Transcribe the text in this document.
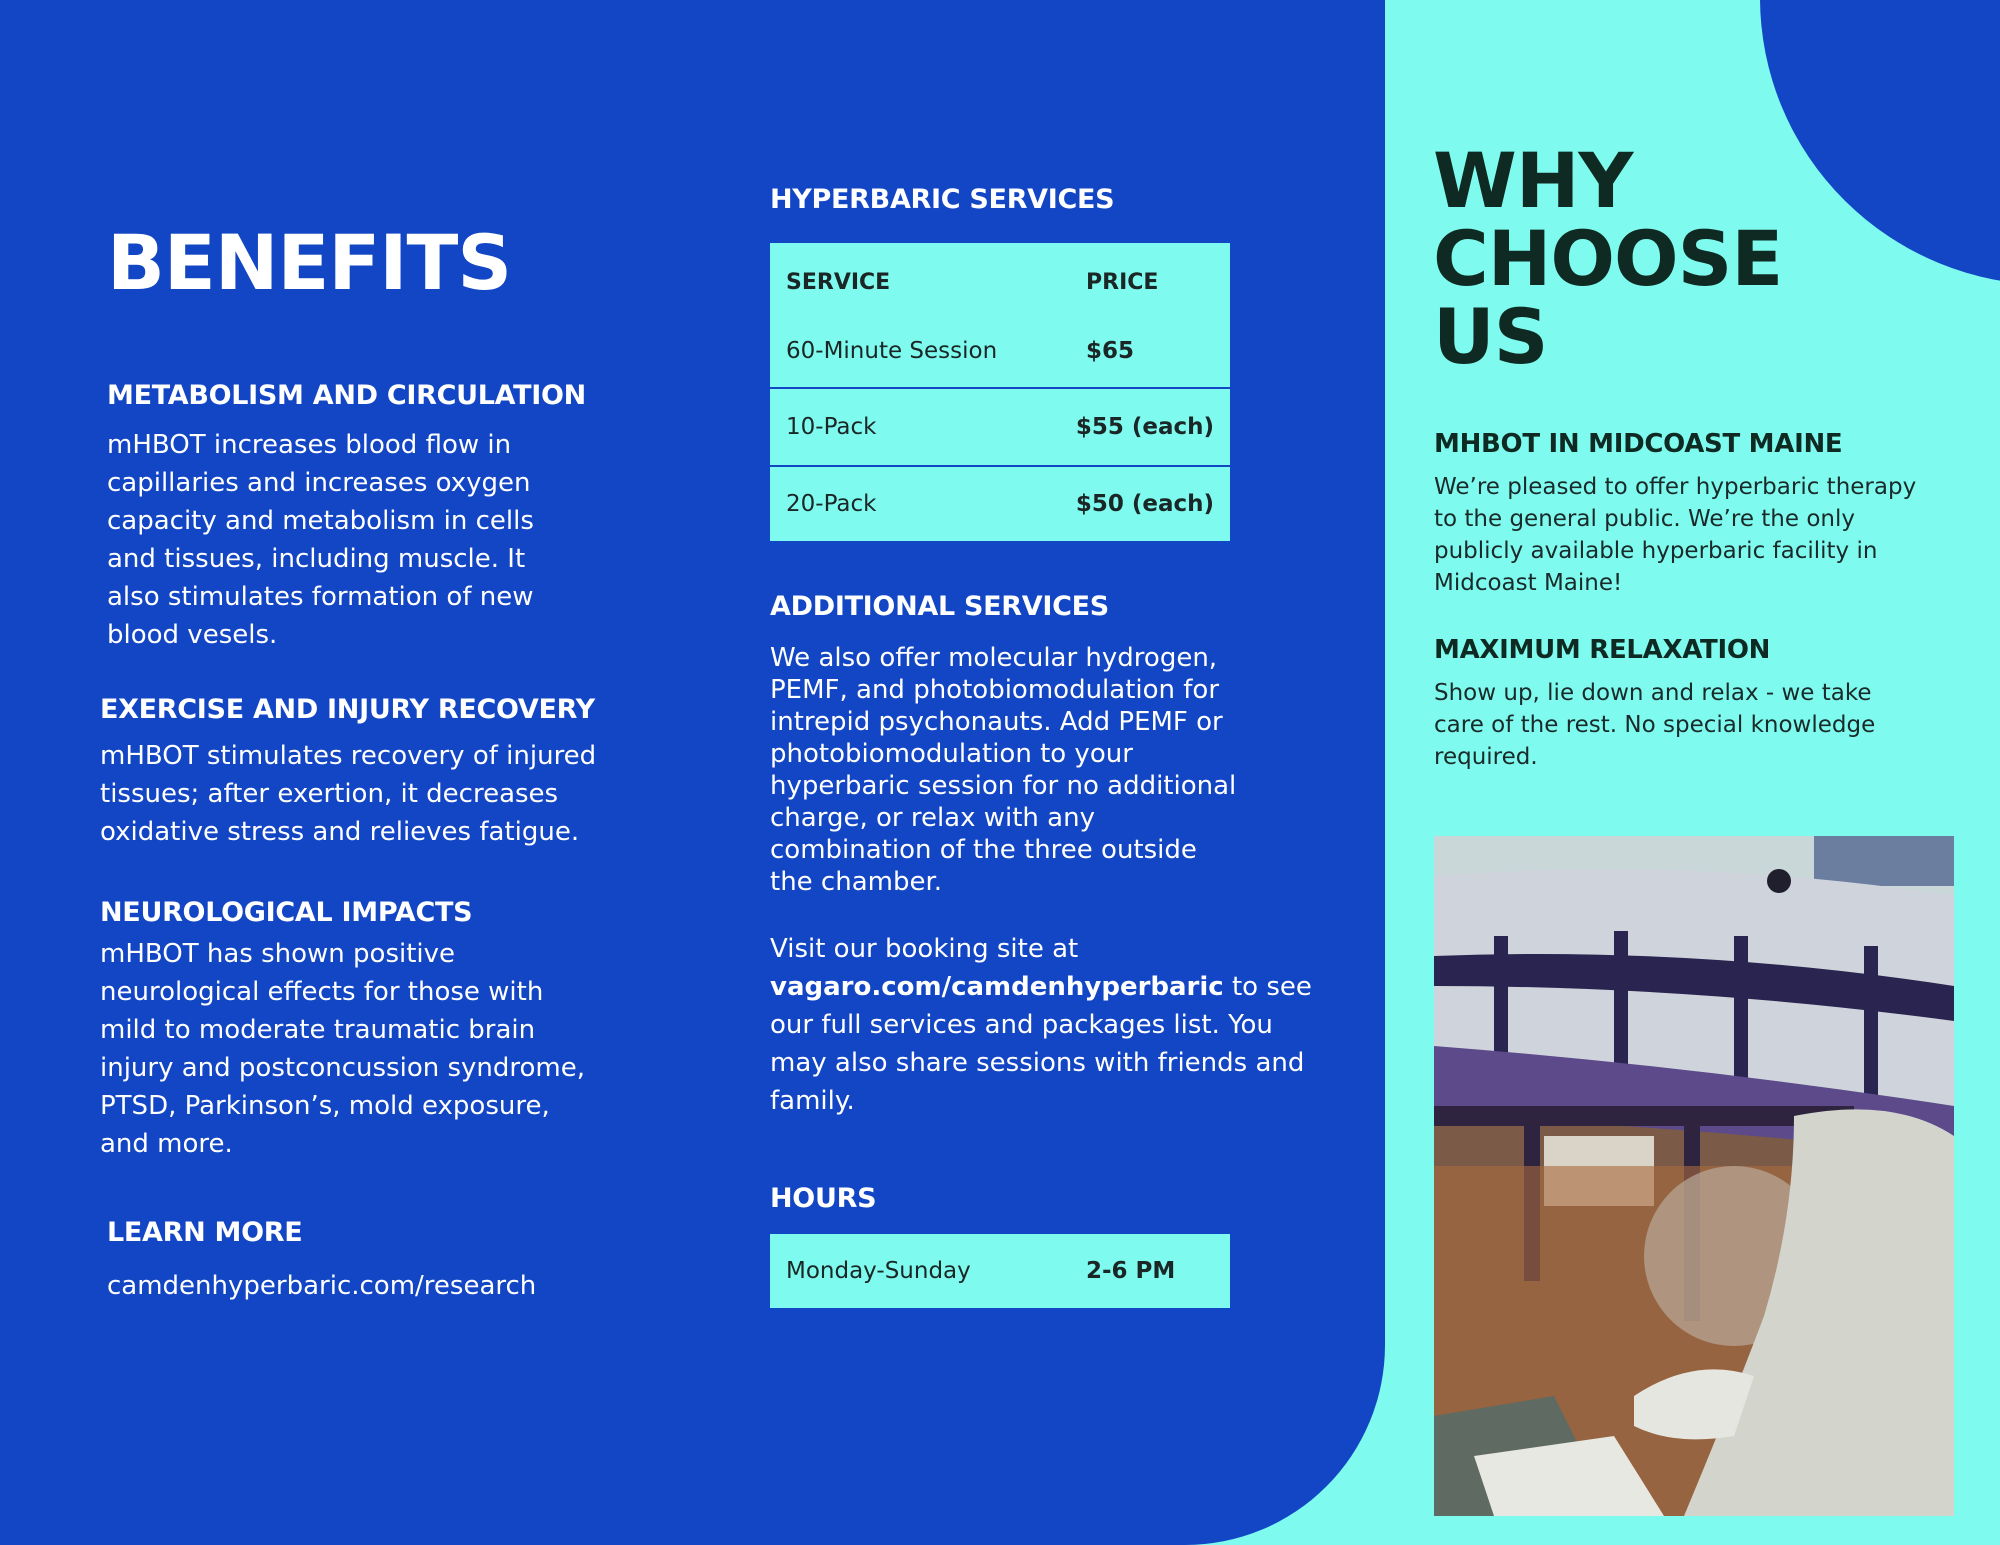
BENEFITS
METABOLISM AND CIRCULATION
mHBOT increases blood flow in capillaries and increases oxygen capacity and metabolism in cells and tissues, including muscle. It also stimulates formation of new blood vesels.
EXERCISE AND INJURY RECOVERY
mHBOT stimulates recovery of injured tissues; after exertion, it decreases oxidative stress and relieves fatigue.
NEUROLOGICAL IMPACTS
mHBOT has shown positive neurological effects for those with mild to moderate traumatic brain injury and postconcussion syndrome, PTSD, Parkinson’s, mold exposure, and more.
LEARN MORE
camdenhyperbaric.com/research
HYPERBARIC SERVICES
SERVICE	PRICE
60-Minute Session	$65
10-Pack	$55 (each)
20-Pack	$50 (each)
ADDITIONAL SERVICES
We also offer molecular hydrogen, PEMF, and photobiomodulation for intrepid psychonauts. Add PEMF or photobiomodulation to your hyperbaric session for no additional charge, or relax with any combination of the three outside the chamber.
Visit our booking site at
vagaro.com/camdenhyperbaric to see our full services and packages list. You may also share sessions with friends and family.
HOURS
Monday-Sunday	2-6 PM
WHY CHOOSE US
MHBOT IN MIDCOAST MAINE
We’re pleased to offer hyperbaric therapy to the general public. We’re the only publicly available hyperbaric facility in Midcoast Maine!
MAXIMUM RELAXATION
Show up, lie down and relax - we take care of the rest. No special knowledge required.
